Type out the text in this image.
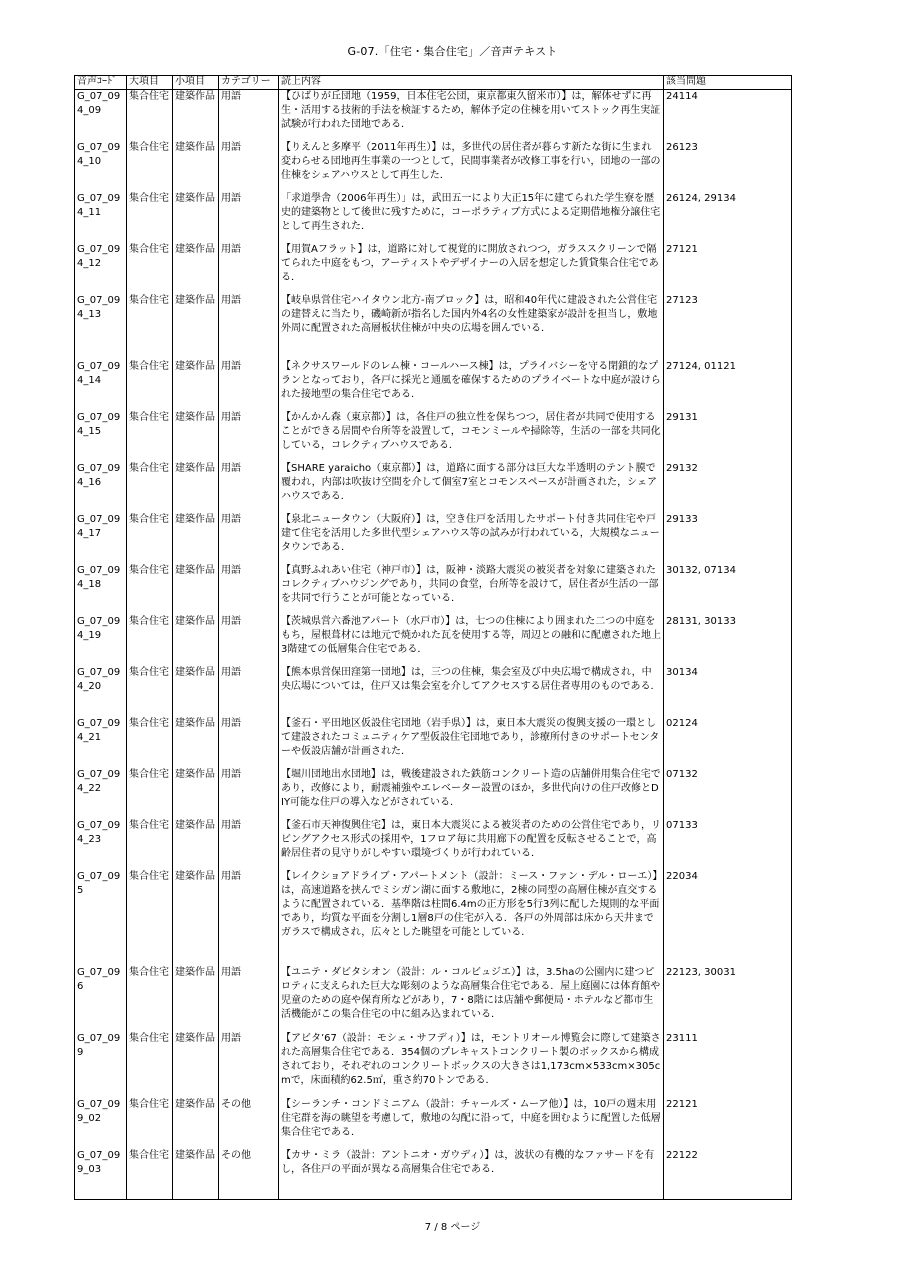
G-07.「住宅・集合住宅」／音声テキスト
音声ｺｰﾄﾞ	大項目	小項目	カテゴリー	読上内容	該当問題
G_07_094_09	集合住宅	建築作品	用語	【ひばりが丘団地（1959，日本住宅公団，東京都東久留米市）】は，解体せずに再生・活用する技術的手法を検証するため，解体予定の住棟を用いてストック再生実証試験が行われた団地である．	24114
G_07_094_10	集合住宅	建築作品	用語	【りえんと多摩平（2011年再生）】は，多世代の居住者が暮らす新たな街に生まれ変わらせる団地再生事業の一つとして，民間事業者が改修工事を行い，団地の一部の住棟をシェアハウスとして再生した．	26123
G_07_094_11	集合住宅	建築作品	用語	「求道學舎（2006年再生）」は，武田五一により大正15年に建てられた学生寮を歴史的建築物として後世に残すために，コーポラティブ方式による定期借地権分譲住宅として再生された．	26124, 29134
G_07_094_12	集合住宅	建築作品	用語	【用賀Aフラット】は，道路に対して視覚的に開放されつつ，ガラススクリーンで隔てられた中庭をもつ，アーティストやデザイナーの入居を想定した賃貸集合住宅である．	27121
G_07_094_13	集合住宅	建築作品	用語	【岐阜県営住宅ハイタウン北方-南ブロック】は，昭和40年代に建設された公営住宅の建替えに当たり，磯崎新が指名した国内外4名の女性建築家が設計を担当し，敷地外周に配置された高層板状住棟が中央の広場を囲んでいる．	27123
G_07_094_14	集合住宅	建築作品	用語	【ネクサスワールドのレム棟・コールハース棟】は，プライバシーを守る閉鎖的なプランとなっており，各戸に採光と通風を確保するためのプライベートな中庭が設けられた接地型の集合住宅である．	27124, 01121
G_07_094_15	集合住宅	建築作品	用語	【かんかん森（東京都）】は，各住戸の独立性を保ちつつ，居住者が共同で使用することができる居間や台所等を設置して，コモンミールや掃除等，生活の一部を共同化している，コレクティブハウスである．	29131
G_07_094_16	集合住宅	建築作品	用語	【SHARE yaraicho（東京都）】は，道路に面する部分は巨大な半透明のテント膜で覆われ，内部は吹抜け空間を介して個室7室とコモンスペースが計画された，シェアハウスである．	29132
G_07_094_17	集合住宅	建築作品	用語	【泉北ニュータウン（大阪府）】は，空き住戸を活用したサポート付き共同住宅や戸建て住宅を活用した多世代型シェアハウス等の試みが行われている，大規模なニュータウンである．	29133
G_07_094_18	集合住宅	建築作品	用語	【真野ふれあい住宅（神戸市）】は，阪神・淡路大震災の被災者を対象に建築されたコレクティブハウジングであり，共同の食堂，台所等を設けて，居住者が生活の一部を共同で行うことが可能となっている．	30132, 07134
G_07_094_19	集合住宅	建築作品	用語	【茨城県営六番池アパート（水戸市）】は，七つの住棟により囲まれた二つの中庭をもち，屋根葺材には地元で焼かれた瓦を使用する等，周辺との融和に配慮された地上3階建ての低層集合住宅である．	28131, 30133
G_07_094_20	集合住宅	建築作品	用語	【熊本県営保田窪第一団地】は，三つの住棟，集会室及び中央広場で構成され，中央広場については，住戸又は集会室を介してアクセスする居住者専用のものである．	30134
G_07_094_21	集合住宅	建築作品	用語	【釜石・平田地区仮設住宅団地（岩手県）】は，東日本大震災の復興支援の一環として建設されたコミュニティケア型仮設住宅団地であり，診療所付きのサポートセンターや仮設店舗が計画された．	02124
G_07_094_22	集合住宅	建築作品	用語	【堀川団地出水団地】は，戦後建設された鉄筋コンクリート造の店舗併用集合住宅であり，改修により，耐震補強やエレベーター設置のほか，多世代向けの住戸改修とDIY可能な住戸の導入などがされている．	07132
G_07_094_23	集合住宅	建築作品	用語	【釜石市天神復興住宅】は，東日本大震災による被災者のための公営住宅であり，リビングアクセス形式の採用や，1フロア毎に共用廊下の配置を反転させることで，高齢居住者の見守りがしやすい環境づくりが行われている．	07133
G_07_095	集合住宅	建築作品	用語	【レイクショアドライブ・アパートメント（設計：ミース・ファン・デル・ローエ）】は，高速道路を挟んでミシガン湖に面する敷地に，2棟の同型の高層住棟が直交するように配置されている．基準階は柱間6.4mの正方形を5行3列に配した規則的な平面であり，均質な平面を分割し1層8戸の住宅が入る．各戸の外周部は床から天井までガラスで構成され，広々とした眺望を可能としている．	22034
G_07_096	集合住宅	建築作品	用語	【ユニテ・ダビタシオン（設計：ル・コルビュジエ）】は，3.5haの公園内に建つピロティに支えられた巨大な彫刻のような高層集合住宅である．屋上庭園には体育館や児童のための庭や保育所などがあり，7・8階には店舗や郵便局・ホテルなど都市生活機能がこの集合住宅の中に組み込まれている．	22123, 30031
G_07_099	集合住宅	建築作品	用語	【アビタ’67（設計：モシェ・サフディ）】は，モントリオール博覧会に際して建築された高層集合住宅である．354個のプレキャストコンクリート製のボックスから構成されており，それぞれのコンクリートボックスの大きさは1,173cm×533cm×305cmで，床面積約62.5㎡，重さ約70トンである．	23111
G_07_099_02	集合住宅	建築作品	その他	【シーランチ・コンドミニアム（設計：チャールズ・ムーア他）】は，10戸の週末用住宅群を海の眺望を考慮して，敷地の勾配に沿って，中庭を囲むように配置した低層集合住宅である．	22121
G_07_099_03	集合住宅	建築作品	その他	【カサ・ミラ（設計：アントニオ・ガウディ）】は，波状の有機的なファサードを有し，各住戸の平面が異なる高層集合住宅である．	22122
7 / 8 ページ
